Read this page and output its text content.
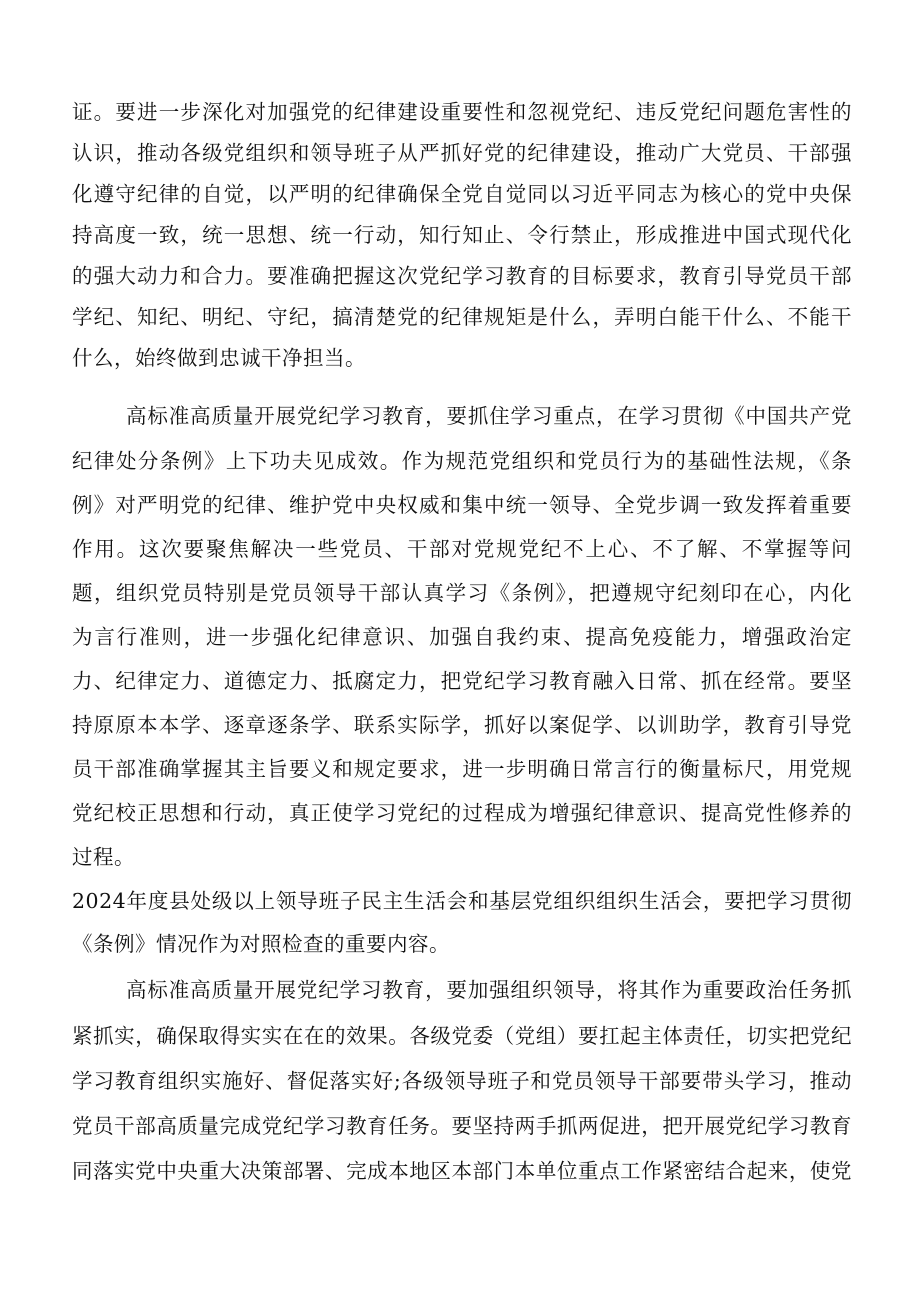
证。要进一步深化对加强党的纪律建设重要性和忽视党纪、违反党纪问题危害性的
认识，推动各级党组织和领导班子从严抓好党的纪律建设，推动广大党员、干部强
化遵守纪律的自觉，以严明的纪律确保全党自觉同以习近平同志为核心的党中央保
持高度一致，统一思想、统一行动，知行知止、令行禁止，形成推进中国式现代化
的强大动力和合力。要准确把握这次党纪学习教育的目标要求，教育引导党员干部
学纪、知纪、明纪、守纪，搞清楚党的纪律规矩是什么，弄明白能干什么、不能干
什么，始终做到忠诚干净担当。
高标准高质量开展党纪学习教育，要抓住学习重点，在学习贯彻《中国共产党
纪律处分条例》上下功夫见成效。作为规范党组织和党员行为的基础性法规，《条
例》对严明党的纪律、维护党中央权威和集中统一领导、全党步调一致发挥着重要
作用。这次要聚焦解决一些党员、干部对党规党纪不上心、不了解、不掌握等问
题，组织党员特别是党员领导干部认真学习《条例》，把遵规守纪刻印在心，内化
为言行准则，进一步强化纪律意识、加强自我约束、提高免疫能力，增强政治定
力、纪律定力、道德定力、抵腐定力，把党纪学习教育融入日常、抓在经常。要坚
持原原本本学、逐章逐条学、联系实际学，抓好以案促学、以训助学，教育引导党
员干部准确掌握其主旨要义和规定要求，进一步明确日常言行的衡量标尺，用党规
党纪校正思想和行动，真正使学习党纪的过程成为增强纪律意识、提高党性修养的
过程。
2024年度县处级以上领导班子民主生活会和基层党组织组织生活会，要把学习贯彻
《条例》情况作为对照检查的重要内容。
高标准高质量开展党纪学习教育，要加强组织领导，将其作为重要政治任务抓
紧抓实，确保取得实实在在的效果。各级党委（党组）要扛起主体责任，切实把党纪
学习教育组织实施好、督促落实好;各级领导班子和党员领导干部要带头学习，推动
党员干部高质量完成党纪学习教育任务。要坚持两手抓两促进，把开展党纪学习教育
同落实党中央重大决策部署、完成本地区本部门本单位重点工作紧密结合起来，使党
